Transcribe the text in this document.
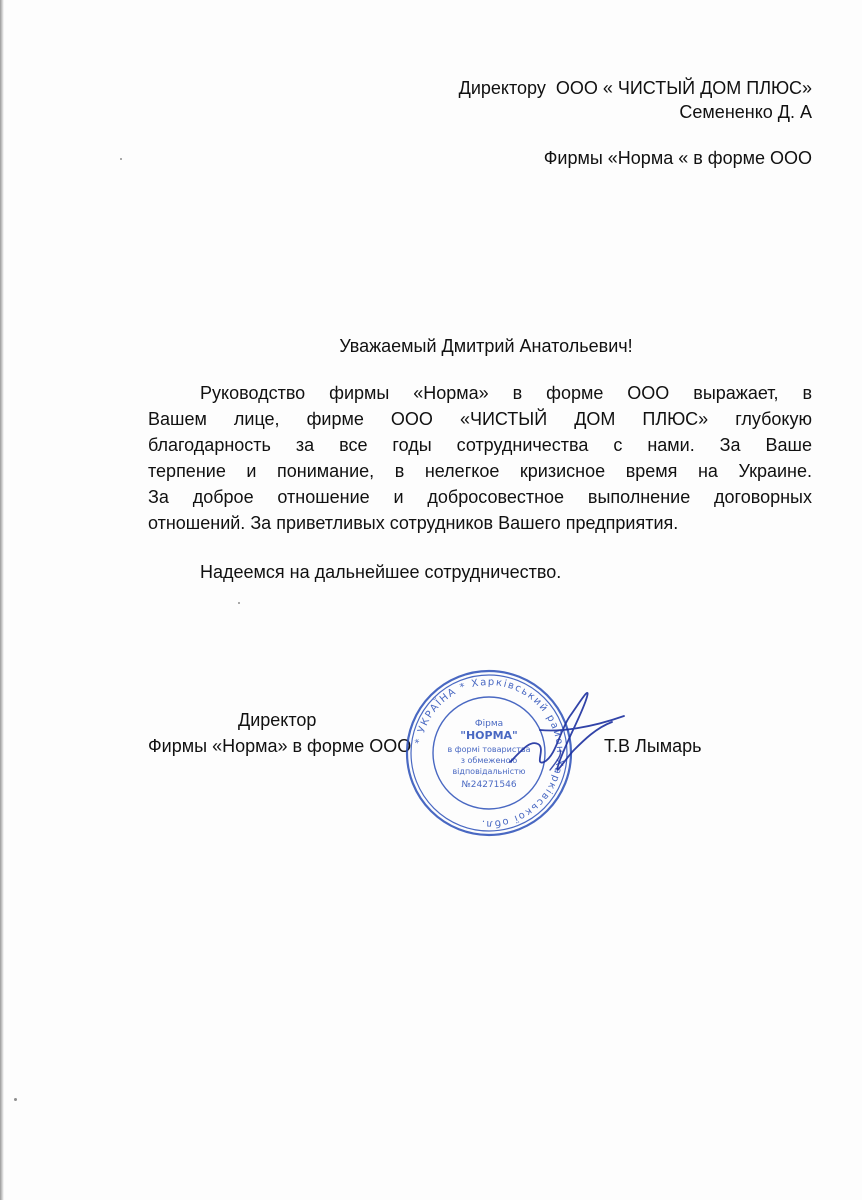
Директору  ООО « ЧИСТЫЙ ДОМ ПЛЮС»
Семененко Д. А
Фирмы «Норма « в форме ООО
Уважаемый Дмитрий Анатольевич!
Руководство фирмы «Норма» в форме ООО выражает, в
Вашем лице, фирме ООО «ЧИСТЫЙ ДОМ ПЛЮС» глубокую
благодарность за все годы сотрудничества с нами. За Ваше
терпение и понимание, в нелегкое кризисное время на Украине.
За доброе отношение и добросовестное выполнение договорных
отношений. За приветливых сотрудников Вашего предприятия.
Надеемся на дальнейшее сотрудничество.
Директор
Фирмы «Норма» в форме ООО	Т.В Лымарь
* УКРАЇНА * Харківський район Харківської обл.
Фірма
"НОРМА"
в формі товариства
з обмеженою
відповідальністю
№24271546
